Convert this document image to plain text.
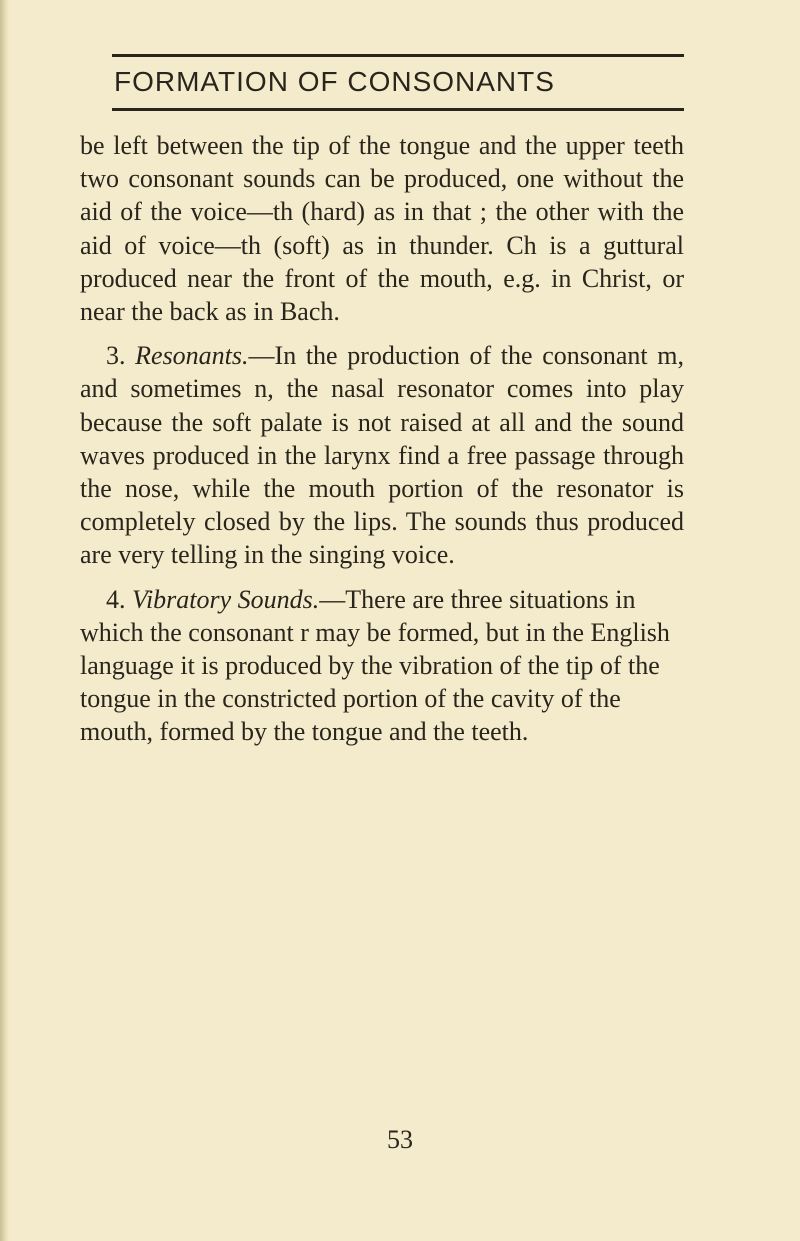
FORMATION OF CONSONANTS

be left between the tip of the tongue and the upper teeth two consonant sounds can be produced, one without the aid of the voice—th (hard) as in that ; the other with the aid of voice—th (soft) as in thunder. Ch is a guttural produced near the front of the mouth, e.g. in Christ, or near the back as in Bach.

3. Resonants.—In the production of the consonant m, and sometimes n, the nasal resonator comes into play because the soft palate is not raised at all and the sound waves produced in the larynx find a free passage through the nose, while the mouth portion of the resonator is completely closed by the lips. The sounds thus produced are very telling in the singing voice.

4. Vibratory Sounds.—There are three situations in which the consonant r may be formed, but in the English language it is produced by the vibration of the tip of the tongue in the constricted portion of the cavity of the mouth, formed by the tongue and the teeth.

53
